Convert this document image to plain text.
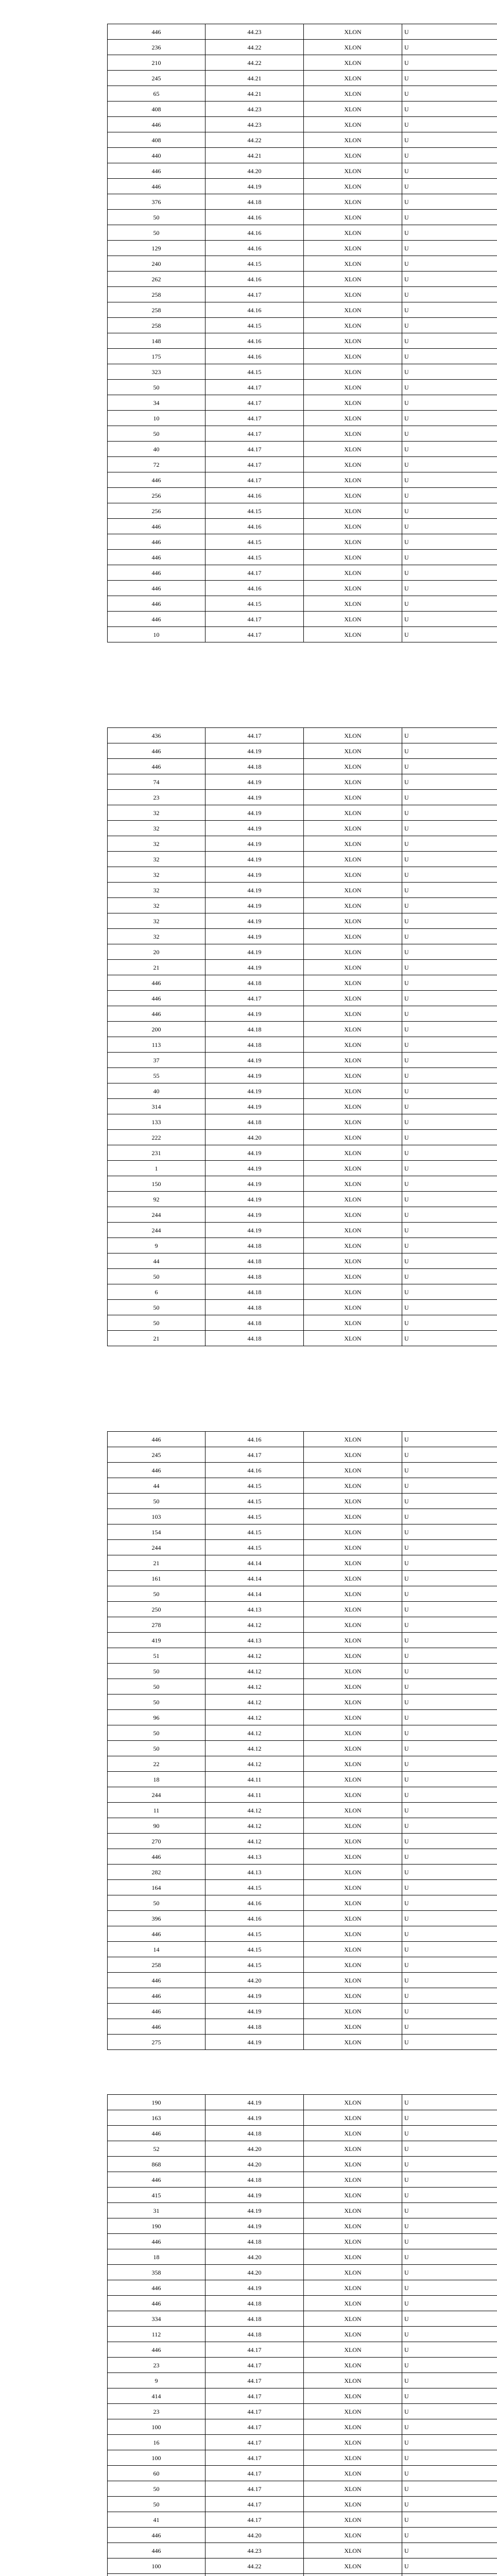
446	44.23	XLON	U
236	44.22	XLON	U
210	44.22	XLON	U
245	44.21	XLON	U
65	44.21	XLON	U
408	44.23	XLON	U
446	44.23	XLON	U
408	44.22	XLON	U
440	44.21	XLON	U
446	44.20	XLON	U
446	44.19	XLON	U
376	44.18	XLON	U
50	44.16	XLON	U
50	44.16	XLON	U
129	44.16	XLON	U
240	44.15	XLON	U
262	44.16	XLON	U
258	44.17	XLON	U
258	44.16	XLON	U
258	44.15	XLON	U
148	44.16	XLON	U
175	44.16	XLON	U
323	44.15	XLON	U
50	44.17	XLON	U
34	44.17	XLON	U
10	44.17	XLON	U
50	44.17	XLON	U
40	44.17	XLON	U
72	44.17	XLON	U
446	44.17	XLON	U
256	44.16	XLON	U
256	44.15	XLON	U
446	44.16	XLON	U
446	44.15	XLON	U
446	44.15	XLON	U
446	44.17	XLON	U
446	44.16	XLON	U
446	44.15	XLON	U
446	44.17	XLON	U
10	44.17	XLON	U
436	44.17	XLON	U
446	44.19	XLON	U
446	44.18	XLON	U
74	44.19	XLON	U
23	44.19	XLON	U
32	44.19	XLON	U
32	44.19	XLON	U
32	44.19	XLON	U
32	44.19	XLON	U
32	44.19	XLON	U
32	44.19	XLON	U
32	44.19	XLON	U
32	44.19	XLON	U
32	44.19	XLON	U
20	44.19	XLON	U
21	44.19	XLON	U
446	44.18	XLON	U
446	44.17	XLON	U
446	44.19	XLON	U
200	44.18	XLON	U
113	44.18	XLON	U
37	44.19	XLON	U
55	44.19	XLON	U
40	44.19	XLON	U
314	44.19	XLON	U
133	44.18	XLON	U
222	44.20	XLON	U
231	44.19	XLON	U
1	44.19	XLON	U
150	44.19	XLON	U
92	44.19	XLON	U
244	44.19	XLON	U
244	44.19	XLON	U
9	44.18	XLON	U
44	44.18	XLON	U
50	44.18	XLON	U
6	44.18	XLON	U
50	44.18	XLON	U
50	44.18	XLON	U
21	44.18	XLON	U
446	44.16	XLON	U
245	44.17	XLON	U
446	44.16	XLON	U
44	44.15	XLON	U
50	44.15	XLON	U
103	44.15	XLON	U
154	44.15	XLON	U
244	44.15	XLON	U
21	44.14	XLON	U
161	44.14	XLON	U
50	44.14	XLON	U
250	44.13	XLON	U
278	44.12	XLON	U
419	44.13	XLON	U
51	44.12	XLON	U
50	44.12	XLON	U
50	44.12	XLON	U
50	44.12	XLON	U
96	44.12	XLON	U
50	44.12	XLON	U
50	44.12	XLON	U
22	44.12	XLON	U
18	44.11	XLON	U
244	44.11	XLON	U
11	44.12	XLON	U
90	44.12	XLON	U
270	44.12	XLON	U
446	44.13	XLON	U
282	44.13	XLON	U
164	44.15	XLON	U
50	44.16	XLON	U
396	44.16	XLON	U
446	44.15	XLON	U
14	44.15	XLON	U
258	44.15	XLON	U
446	44.20	XLON	U
446	44.19	XLON	U
446	44.19	XLON	U
446	44.18	XLON	U
275	44.19	XLON	U
190	44.19	XLON	U
163	44.19	XLON	U
446	44.18	XLON	U
52	44.20	XLON	U
868	44.20	XLON	U
446	44.18	XLON	U
415	44.19	XLON	U
31	44.19	XLON	U
190	44.19	XLON	U
446	44.18	XLON	U
18	44.20	XLON	U
358	44.20	XLON	U
446	44.19	XLON	U
446	44.18	XLON	U
334	44.18	XLON	U
112	44.18	XLON	U
446	44.17	XLON	U
23	44.17	XLON	U
9	44.17	XLON	U
414	44.17	XLON	U
23	44.17	XLON	U
100	44.17	XLON	U
16	44.17	XLON	U
100	44.17	XLON	U
60	44.17	XLON	U
50	44.17	XLON	U
50	44.17	XLON	U
41	44.17	XLON	U
446	44.20	XLON	U
446	44.23	XLON	U
100	44.22	XLON	U
